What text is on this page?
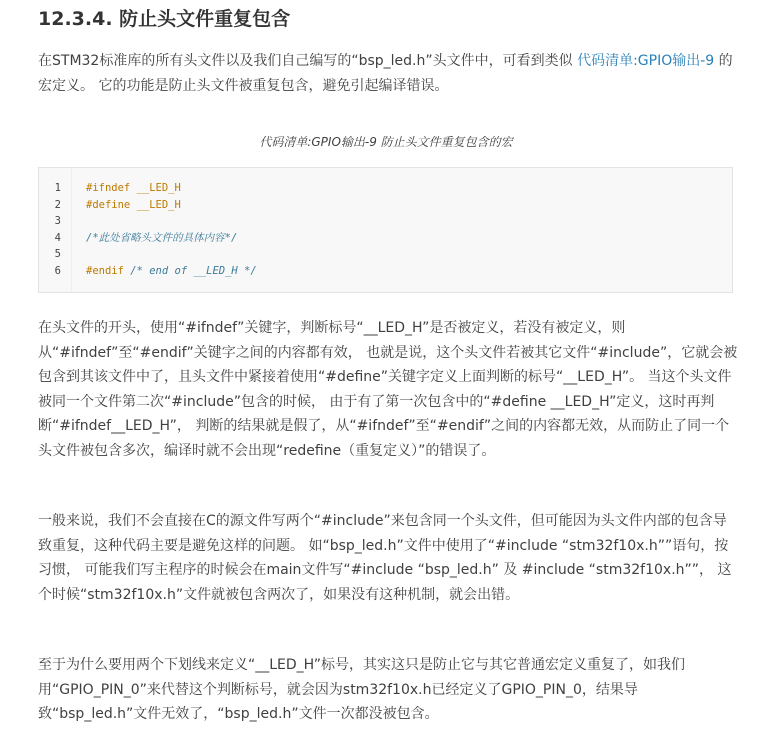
12.3.4. 防止头文件重复包含

在STM32标准库的所有头文件以及我们自己编写的“bsp_led.h”头文件中，可看到类似 代码清单:GPIO输出-9 的宏定义。 它的功能是防止头文件被重复包含，避免引起编译错误。

代码清单:GPIO输出-9 防止头文件重复包含的宏
1
2
3
4
5
6
#ifndef __LED_H
#define __LED_H
/*此处省略头文件的具体内容*/
#endif /* end of __LED_H */

在头文件的开头，使用“#ifndef”关键字，判断标号“__LED_H”是否被定义，若没有被定义，则从“#ifndef”至“#endif”关键字之间的内容都有效， 也就是说，这个头文件若被其它文件“#include”，它就会被包含到其该文件中了，且头文件中紧接着使用“#define”关键字定义上面判断的标号“__LED_H”。 当这个头文件被同一个文件第二次“#include”包含的时候， 由于有了第一次包含中的“#define __LED_H”定义，这时再判断“#ifndef__LED_H”， 判断的结果就是假了，从“#ifndef”至“#endif”之间的内容都无效，从而防止了同一个头文件被包含多次，编译时就不会出现“redefine（重复定义）”的错误了。

一般来说，我们不会直接在C的源文件写两个“#include”来包含同一个头文件，但可能因为头文件内部的包含导致重复，这种代码主要是避免这样的问题。 如“bsp_led.h”文件中使用了“#include “stm32f10x.h””语句，按习惯， 可能我们写主程序的时候会在main文件写“#include “bsp_led.h” 及 #include “stm32f10x.h””， 这个时候“stm32f10x.h”文件就被包含两次了，如果没有这种机制，就会出错。

至于为什么要用两个下划线来定义“__LED_H”标号，其实这只是防止它与其它普通宏定义重复了，如我们用“GPIO_PIN_0”来代替这个判断标号，就会因为stm32f10x.h已经定义了GPIO_PIN_0，结果导致“bsp_led.h”文件无效了，“bsp_led.h”文件一次都没被包含。
